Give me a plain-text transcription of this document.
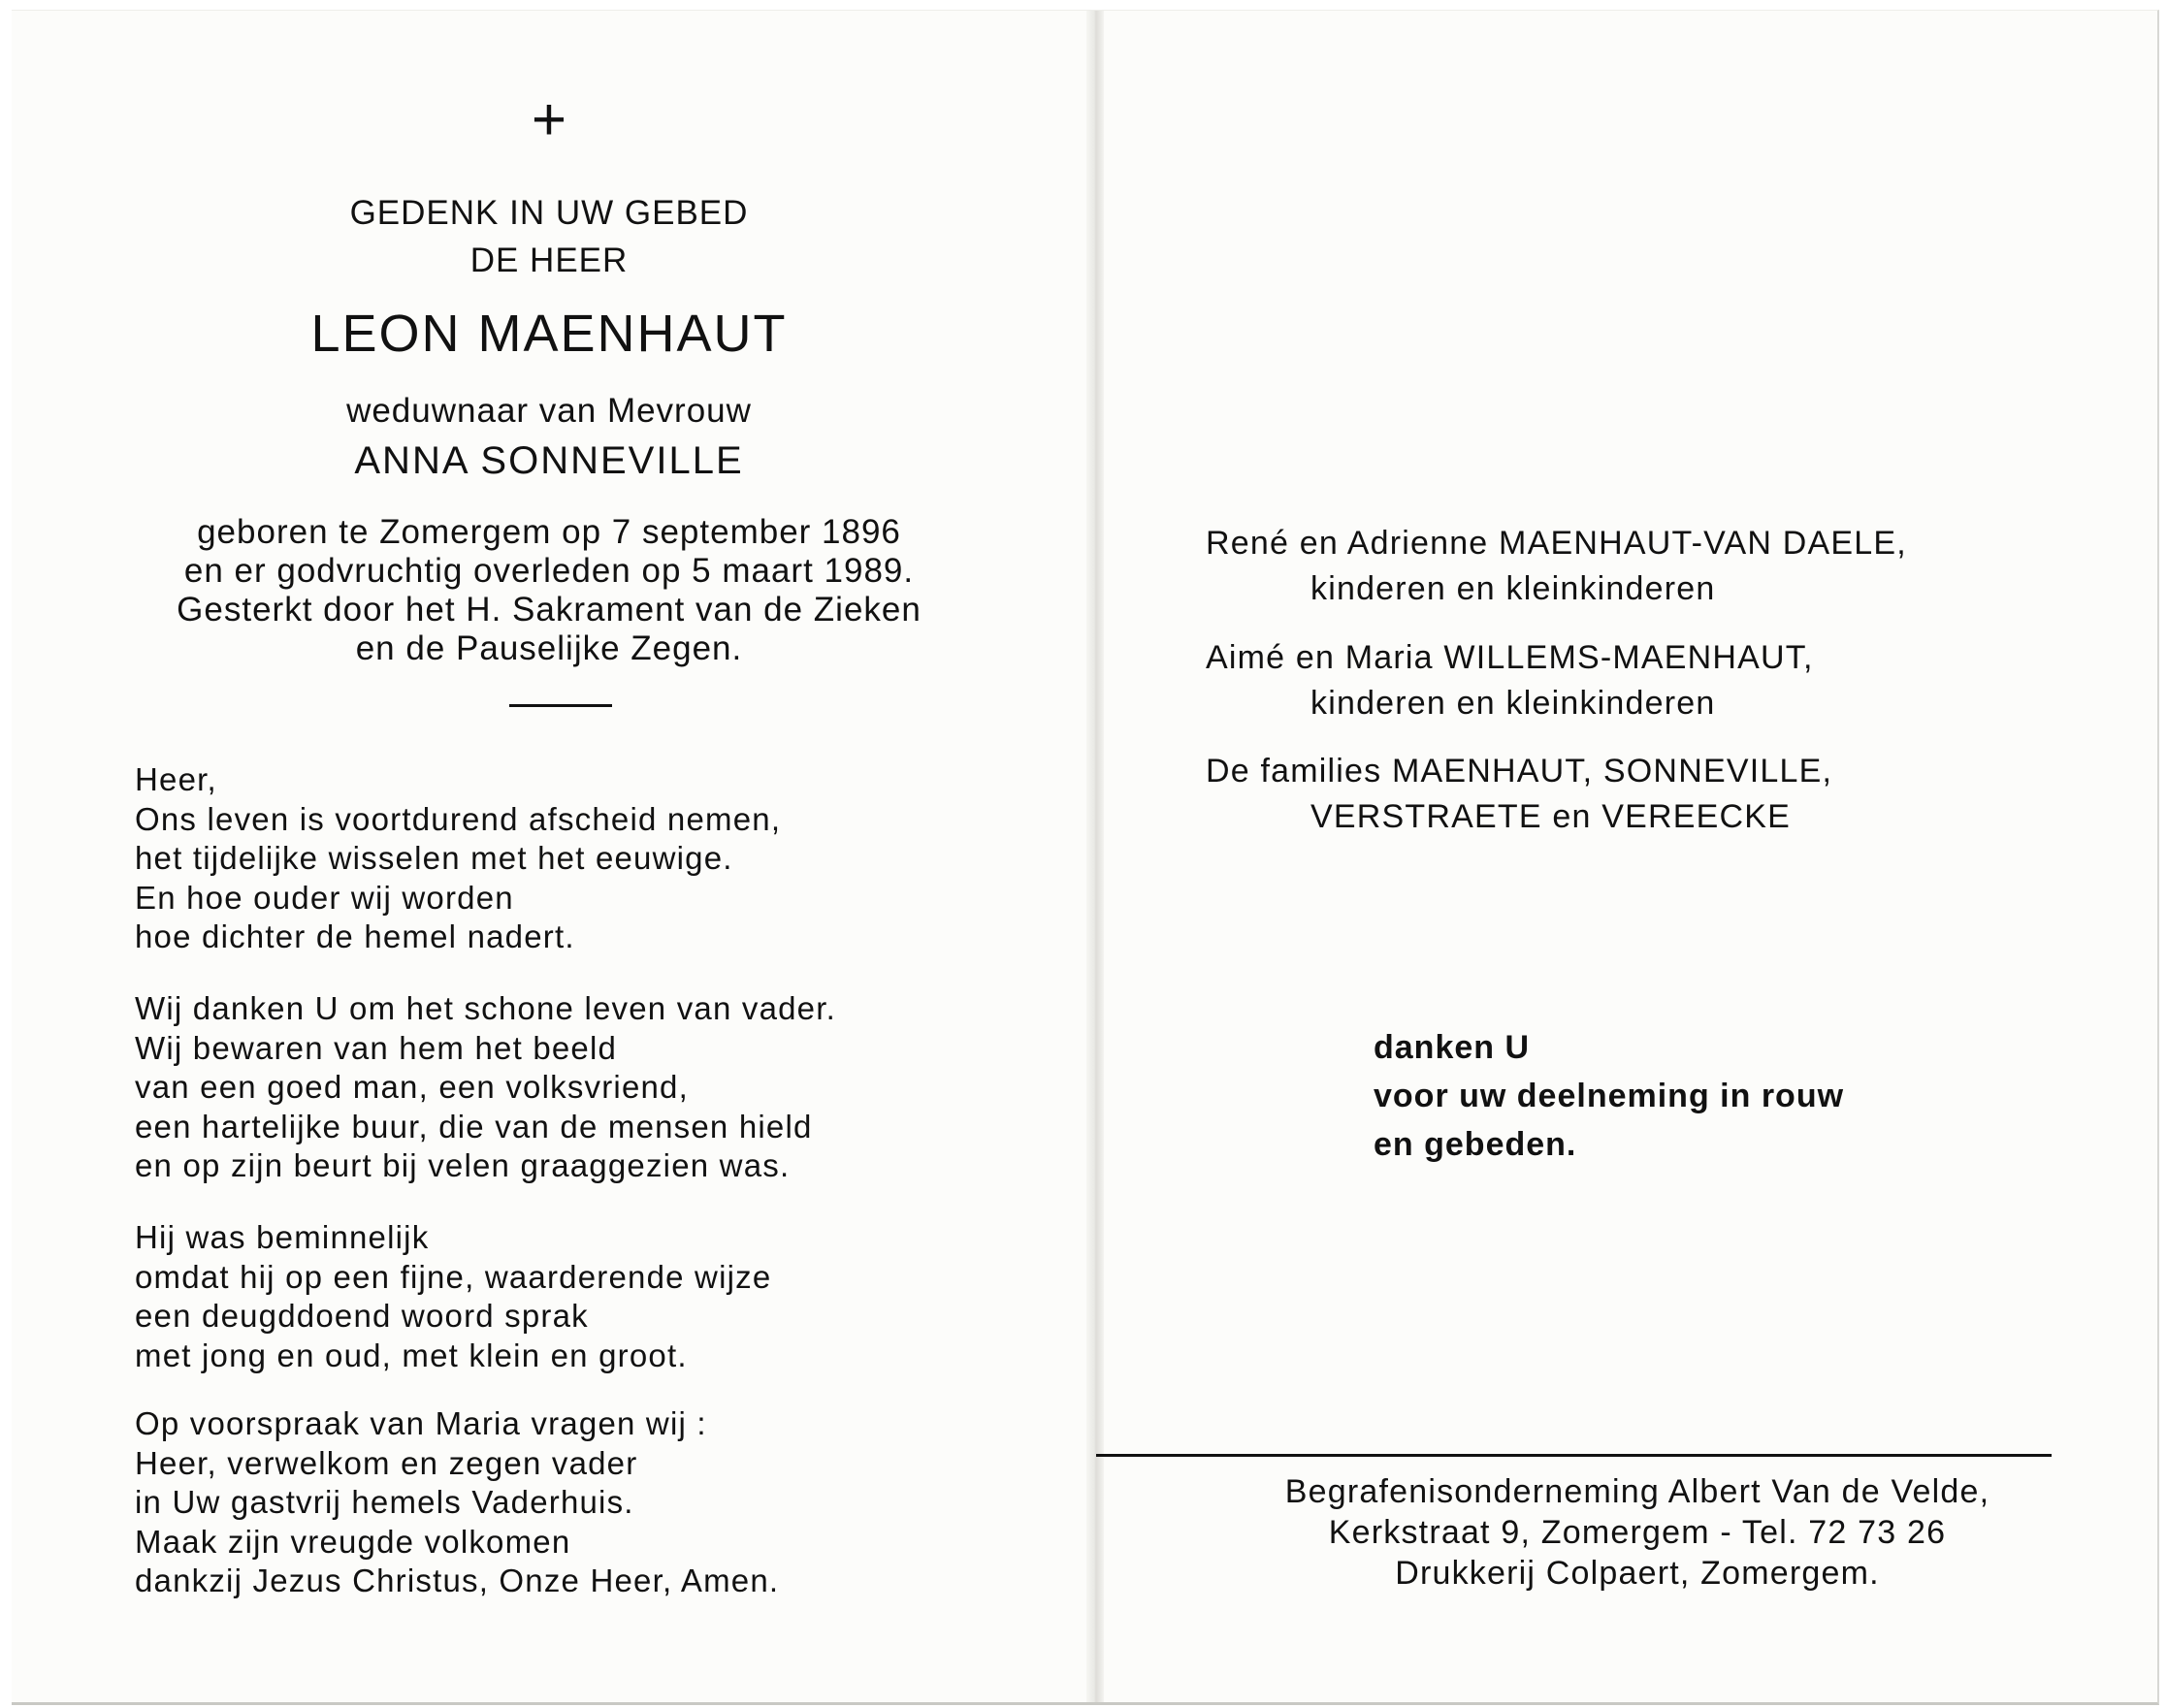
+
GEDENK IN UW GEBED
DE HEER
LEON MAENHAUT
weduwnaar van Mevrouw
ANNA SONNEVILLE
geboren te Zomergem op 7 september 1896
en er godvruchtig overleden op 5 maart 1989.
Gesterkt door het H. Sakrament van de Zieken
en de Pauselijke Zegen.
Heer,
Ons leven is voortdurend afscheid nemen,
het tijdelijke wisselen met het eeuwige.
En hoe ouder wij worden
hoe dichter de hemel nadert.
Wij danken U om het schone leven van vader.
Wij bewaren van hem het beeld
van een goed man, een volksvriend,
een hartelijke buur, die van de mensen hield
en op zijn beurt bij velen graaggezien was.
Hij was beminnelijk
omdat hij op een fijne, waarderende wijze
een deugddoend woord sprak
met jong en oud, met klein en groot.
Op voorspraak van Maria vragen wij :
Heer, verwelkom en zegen vader
in Uw gastvrij hemels Vaderhuis.
Maak zijn vreugde volkomen
dankzij Jezus Christus, Onze Heer, Amen.
René en Adrienne MAENHAUT-VAN DAELE,
kinderen en kleinkinderen
Aimé en Maria WILLEMS-MAENHAUT,
kinderen en kleinkinderen
De families MAENHAUT, SONNEVILLE,
VERSTRAETE en VEREECKE
danken U
voor uw deelneming in rouw
en gebeden.
Begrafenisonderneming Albert Van de Velde,
Kerkstraat 9, Zomergem - Tel. 72 73 26
Drukkerij Colpaert, Zomergem.
